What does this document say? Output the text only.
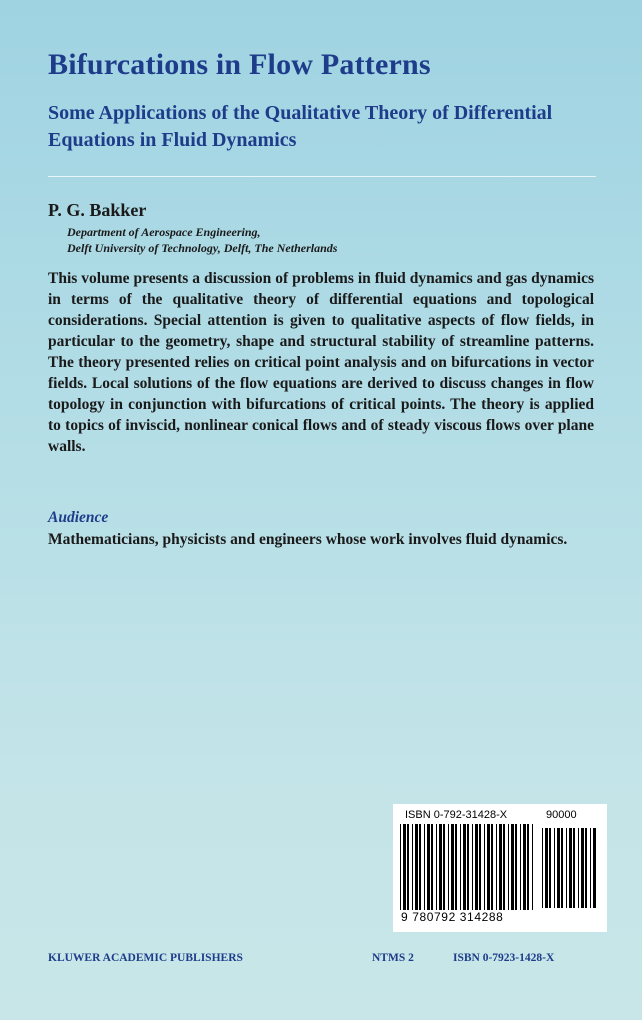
Bifurcations in Flow Patterns
Some Applications of the Qualitative Theory of Differential Equations in Fluid Dynamics

P. G. Bakker

Department of Aerospace Engineering,
Delft University of Technology, Delft, The Netherlands

This volume presents a discussion of problems in fluid dynamics and gas dynamics in terms of the qualitative theory of differential equations and topological considerations. Special attention is given to qualitative aspects of flow fields, in particular to the geometry, shape and structural stability of streamline patterns. The theory presented relies on critical point analysis and on bifurcations in vector fields. Local solutions of the flow equations are derived to discuss changes in flow topology in conjunction with bifurcations of critical points. The theory is applied to topics of inviscid, nonlinear conical flows and of steady viscous flows over plane walls.

Audience

Mathematicians, physicists and engineers whose work involves fluid dynamics.

ISBN 0-792-31428-X	90000
9 780792 314288
KLUWER ACADEMIC PUBLISHERS	NTMS 2	ISBN 0-7923-1428-X
